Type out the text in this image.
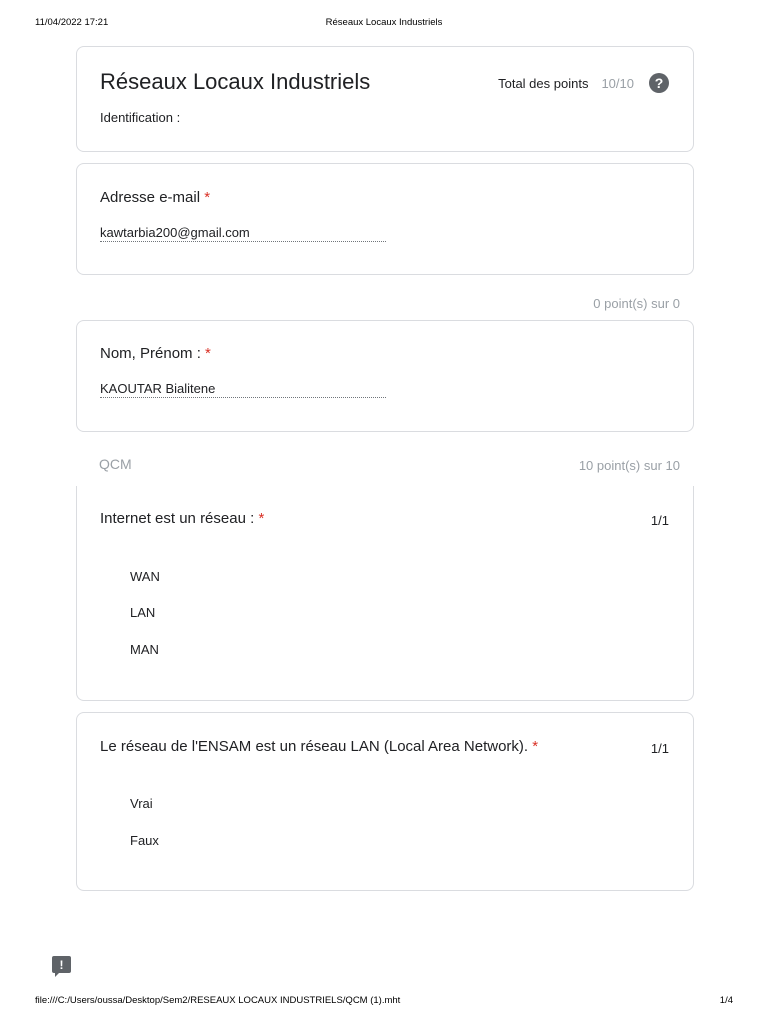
11/04/2022 17:21	Réseaux Locaux Industriels
Réseaux Locaux Industriels
Identification :
Total des points 10/10	?
Adresse e-mail *
kawtarbia200@gmail.com
0 point(s) sur 0
Nom, Prénom : *
KAOUTAR Bialitene
QCM	10 point(s) sur 10
Internet est un réseau : *	1/1
WAN
LAN
MAN
Le réseau de l'ENSAM est un réseau LAN (Local Area Network). *	1/1
Vrai
Faux
!
file:///C:/Users/oussa/Desktop/Sem2/RESEAUX LOCAUX INDUSTRIELS/QCM (1).mht	1/4
